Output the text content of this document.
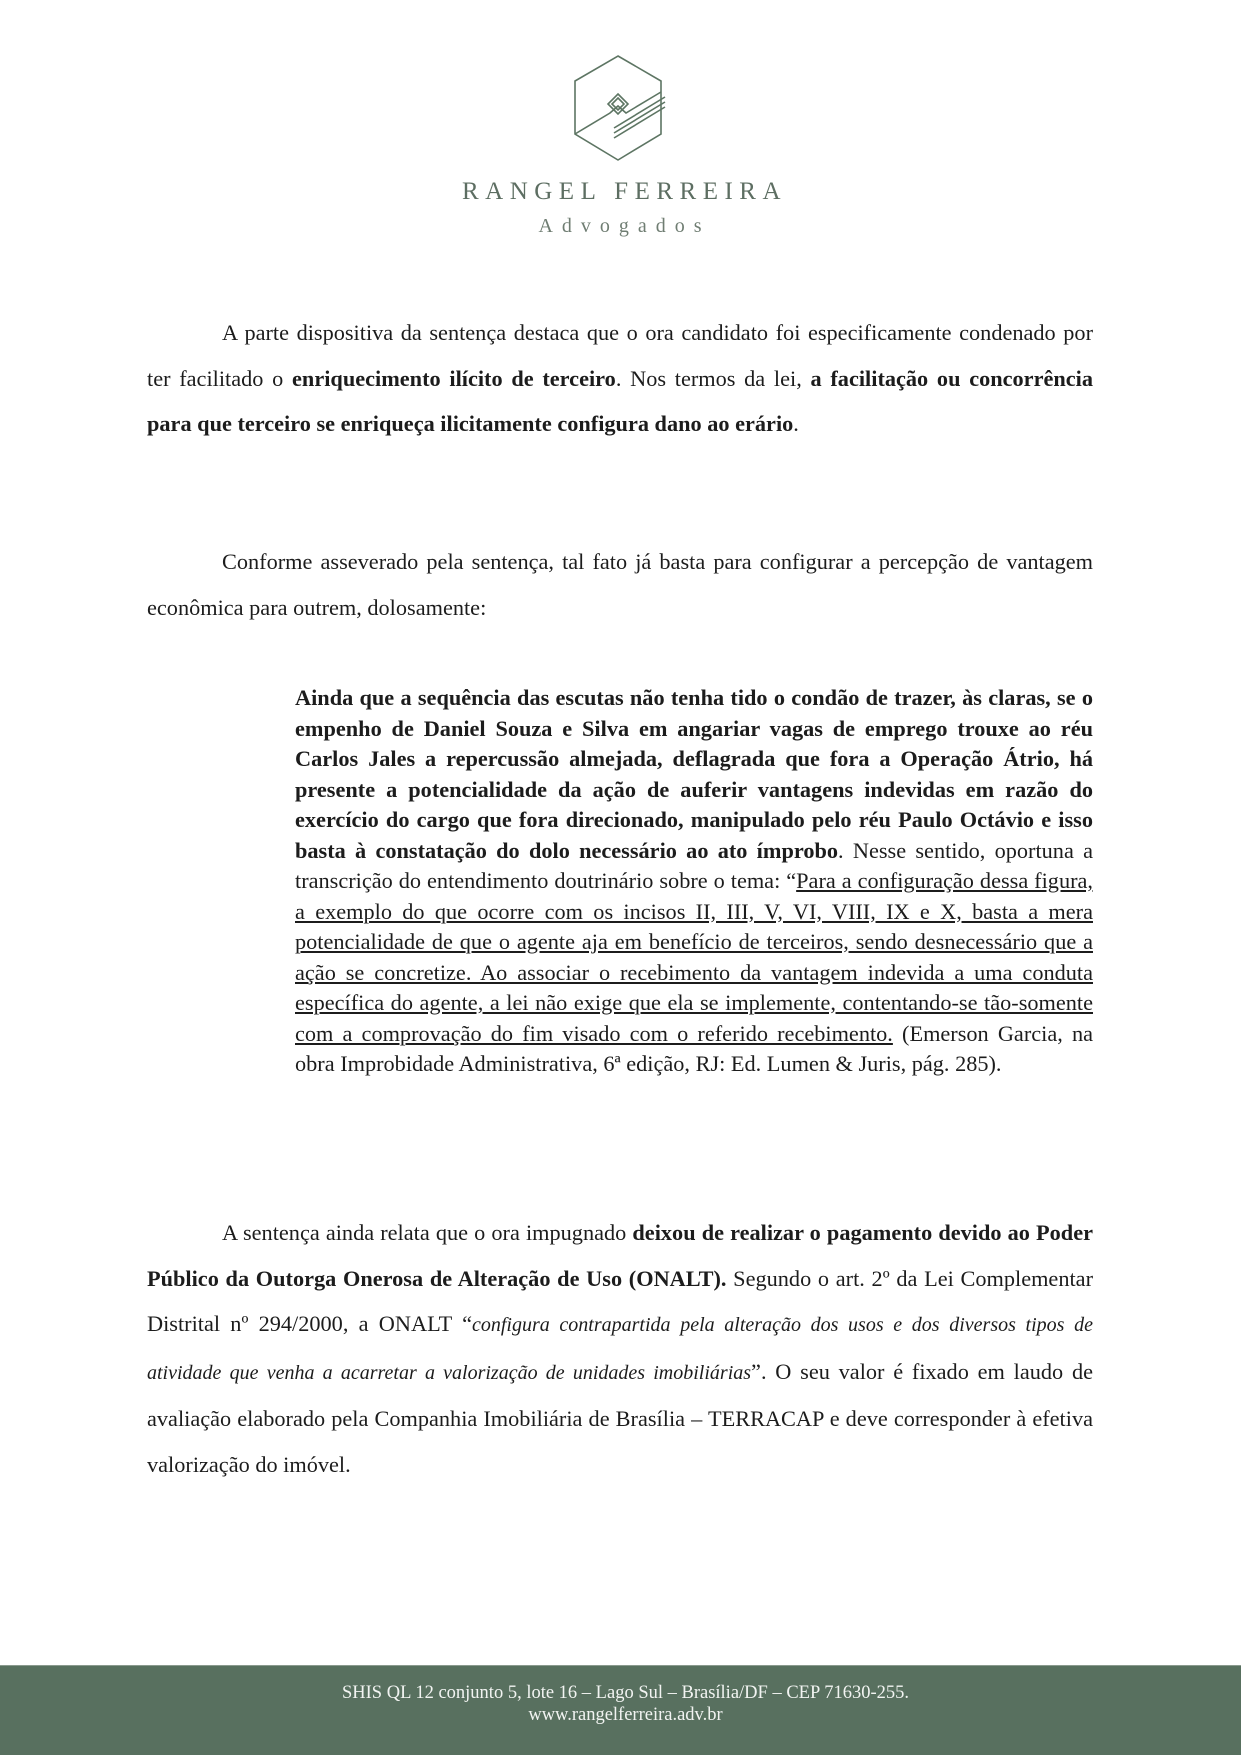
RANGEL FERREIRA
Advogados

A parte dispositiva da sentença destaca que o ora candidato foi especificamente condenado por ter facilitado o enriquecimento ilícito de terceiro. Nos termos da lei, a facilitação ou concorrência para que terceiro se enriqueça ilicitamente configura dano ao erário.

Conforme asseverado pela sentença, tal fato já basta para configurar a percepção de vantagem econômica para outrem, dolosamente:

Ainda que a sequência das escutas não tenha tido o condão de trazer, às claras, se o empenho de Daniel Souza e Silva em angariar vagas de emprego trouxe ao réu Carlos Jales a repercussão almejada, deflagrada que fora a Operação Átrio, há presente a potencialidade da ação de auferir vantagens indevidas em razão do exercício do cargo que fora direcionado, manipulado pelo réu Paulo Octávio e isso basta à constatação do dolo necessário ao ato ímprobo. Nesse sentido, oportuna a transcrição do entendimento doutrinário sobre o tema: “Para a configuração dessa figura, a exemplo do que ocorre com os incisos II, III, V, VI, VIII, IX e X, basta a mera potencialidade de que o agente aja em benefício de terceiros, sendo desnecessário que a ação se concretize. Ao associar o recebimento da vantagem indevida a uma conduta específica do agente, a lei não exige que ela se implemente, contentando-se tão-somente com a comprovação do fim visado com o referido recebimento. (Emerson Garcia, na obra Improbidade Administrativa, 6ª edição, RJ: Ed. Lumen & Juris, pág. 285).

A sentença ainda relata que o ora impugnado deixou de realizar o pagamento devido ao Poder Público da Outorga Onerosa de Alteração de Uso (ONALT). Segundo o art. 2º da Lei Complementar Distrital nº 294/2000, a ONALT “configura contrapartida pela alteração dos usos e dos diversos tipos de atividade que venha a acarretar a valorização de unidades imobiliárias”. O seu valor é fixado em laudo de avaliação elaborado pela Companhia Imobiliária de Brasília – TERRACAP e deve corresponder à efetiva valorização do imóvel.

SHIS QL 12 conjunto 5, lote 16 – Lago Sul – Brasília/DF – CEP 71630-255.
www.rangelferreira.adv.br
